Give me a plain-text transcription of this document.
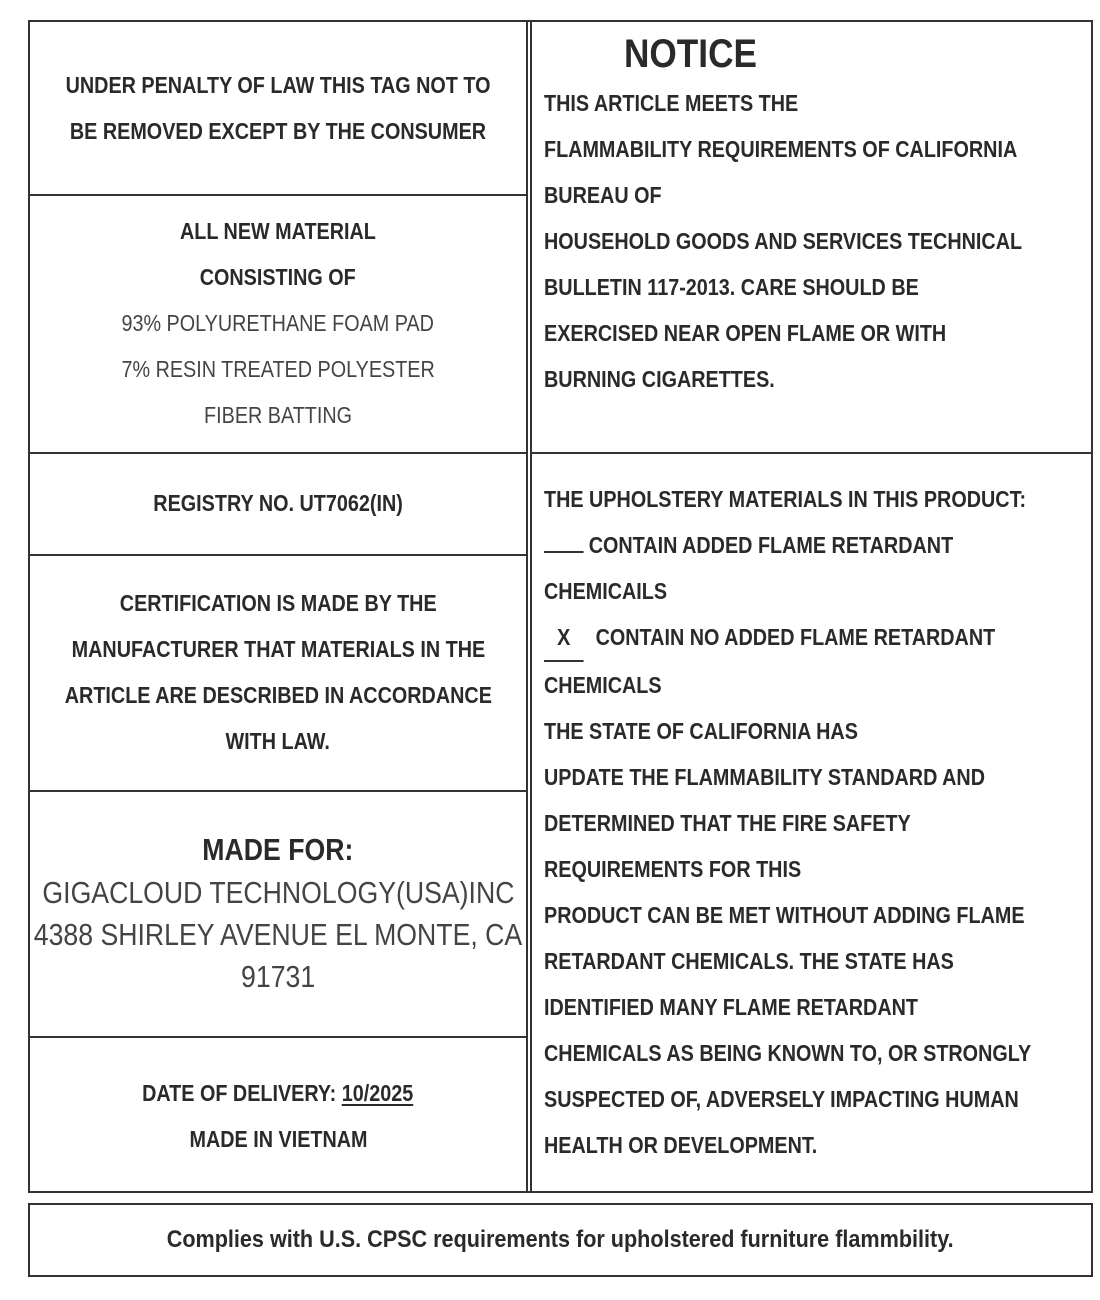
UNDER PENALTY OF LAW THIS TAG NOT TO
BE REMOVED EXCEPT BY THE CONSUMER
ALL NEW MATERIAL
CONSISTING OF
93% POLYURETHANE FOAM PAD
7% RESIN TREATED POLYESTER
FIBER BATTING
REGISTRY NO. UT7062(IN)
CERTIFICATION IS MADE BY THE
MANUFACTURER THAT MATERIALS IN THE
ARTICLE ARE DESCRIBED IN ACCORDANCE
WITH LAW.
MADE FOR:
GIGACLOUD TECHNOLOGY(USA)INC
4388 SHIRLEY AVENUE EL MONTE, CA
91731
DATE OF DELIVERY: 10/2025
MADE IN VIETNAM
NOTICE
THIS ARTICLE MEETS THE
FLAMMABILITY REQUIREMENTS OF CALIFORNIA
BUREAU OF
HOUSEHOLD GOODS AND SERVICES TECHNICAL
BULLETIN 117-2013. CARE SHOULD BE
EXERCISED NEAR OPEN FLAME OR WITH
BURNING CIGARETTES.
THE UPHOLSTERY MATERIALS IN THIS PRODUCT:
CONTAIN ADDED FLAME RETARDANT
CHEMICAILS
X CONTAIN NO ADDED FLAME RETARDANT
CHEMICALS
THE STATE OF CALIFORNIA HAS
UPDATE THE FLAMMABILITY STANDARD AND
DETERMINED THAT THE FIRE SAFETY
REQUIREMENTS FOR THIS
PRODUCT CAN BE MET WITHOUT ADDING FLAME
RETARDANT CHEMICALS. THE STATE HAS
IDENTIFIED MANY FLAME RETARDANT
CHEMICALS AS BEING KNOWN TO, OR STRONGLY
SUSPECTED OF, ADVERSELY IMPACTING HUMAN
HEALTH OR DEVELOPMENT.
Complies with U.S. CPSC requirements for upholstered furniture flammbility.
